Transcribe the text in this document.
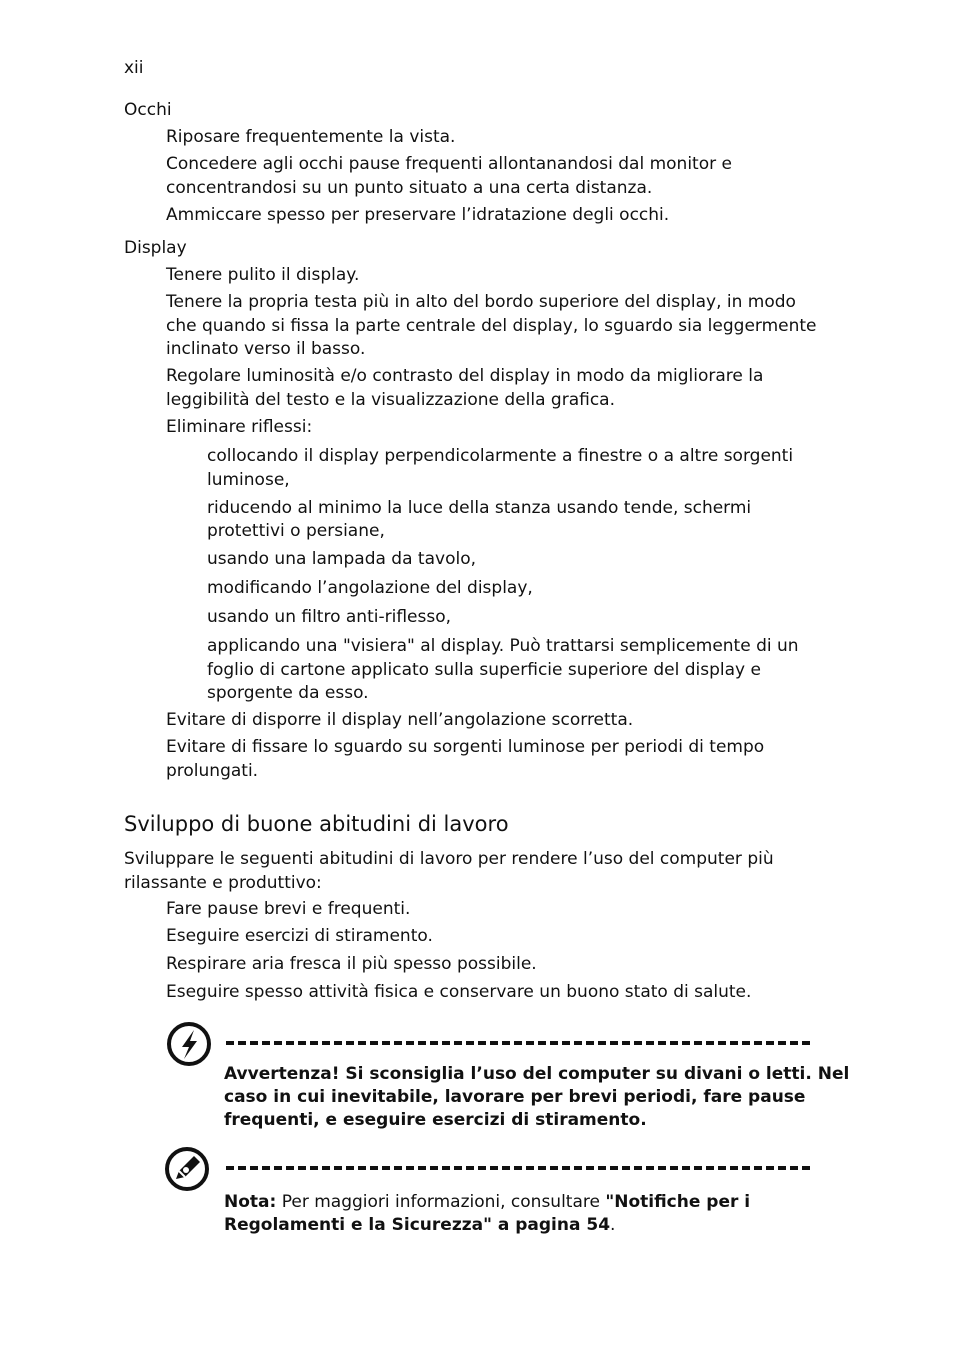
xii
Occhi
Riposare frequentemente la vista.
Concedere agli occhi pause frequenti allontanandosi dal monitor e
concentrandosi su un punto situato a una certa distanza.
Ammiccare spesso per preservare l’idratazione degli occhi.
Display
Tenere pulito il display.
Tenere la propria testa più in alto del bordo superiore del display, in modo
che quando si fissa la parte centrale del display, lo sguardo sia leggermente
inclinato verso il basso.
Regolare luminosità e/o contrasto del display in modo da migliorare la
leggibilità del testo e la visualizzazione della grafica.
Eliminare riflessi:
collocando il display perpendicolarmente a finestre o a altre sorgenti
luminose,
riducendo al minimo la luce della stanza usando tende, schermi
protettivi o persiane,
usando una lampada da tavolo,
modificando l’angolazione del display,
usando un filtro anti-riflesso,
applicando una "visiera" al display. Può trattarsi semplicemente di un
foglio di cartone applicato sulla superficie superiore del display e
sporgente da esso.
Evitare di disporre il display nell’angolazione scorretta.
Evitare di fissare lo sguardo su sorgenti luminose per periodi di tempo
prolungati.
Sviluppo di buone abitudini di lavoro
Sviluppare le seguenti abitudini di lavoro per rendere l’uso del computer più
rilassante e produttivo:
Fare pause brevi e frequenti.
Eseguire esercizi di stiramento.
Respirare aria fresca il più spesso possibile.
Eseguire spesso attività fisica e conservare un buono stato di salute.
Avvertenza! Si sconsiglia l’uso del computer su divani o letti. Nel
caso in cui inevitabile, lavorare per brevi periodi, fare pause
frequenti, e eseguire esercizi di stiramento.
Nota: Per maggiori informazioni, consultare "Notifiche per i
Regolamenti e la Sicurezza" a pagina 54.
